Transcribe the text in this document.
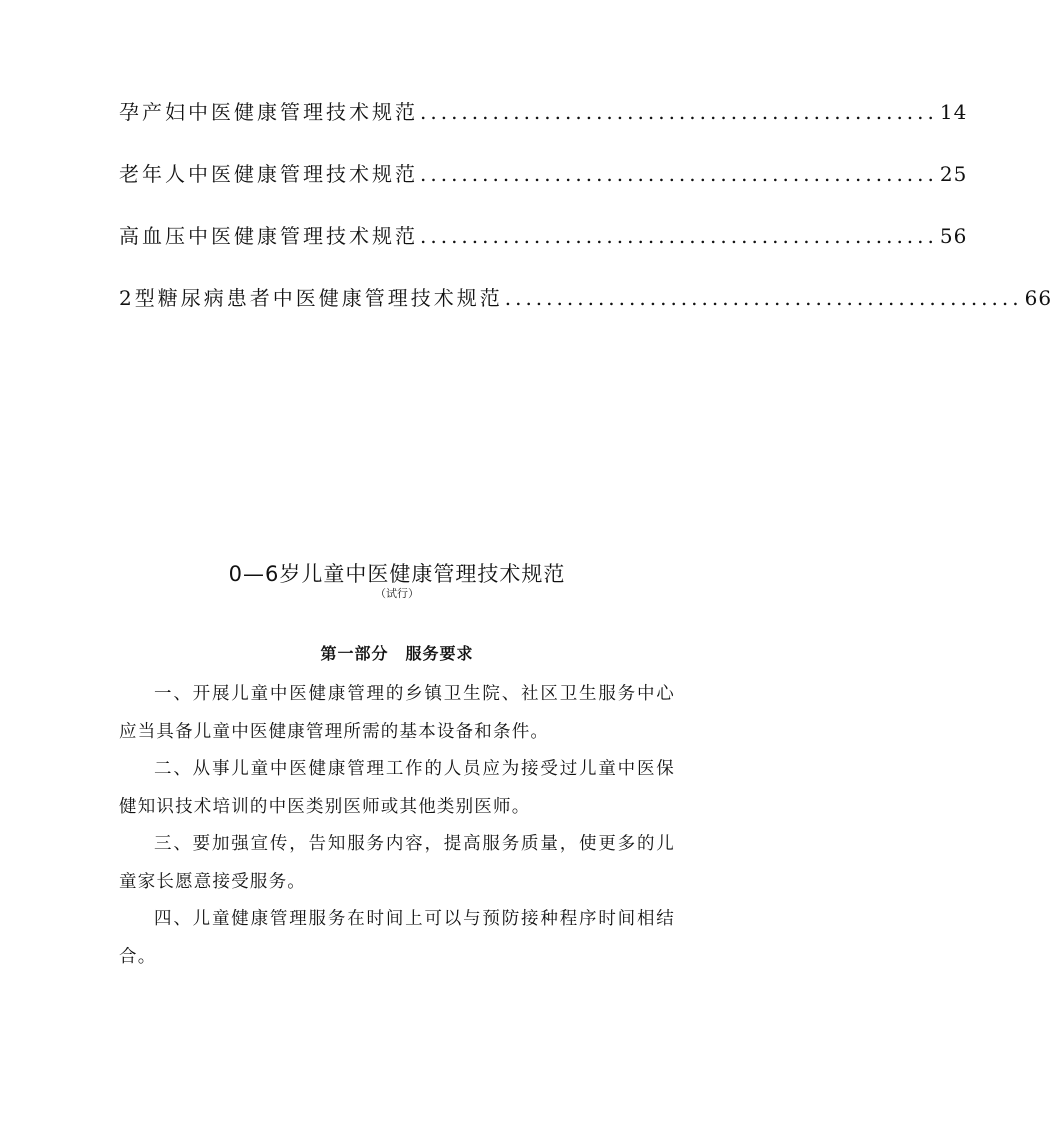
孕产妇中医健康管理技术规范 .................................................. 14
老年人中医健康管理技术规范 .................................................. 25
高血压中医健康管理技术规范 .................................................. 56
2型糖尿病患者中医健康管理技术规范 .................................................. 66
0—6岁儿童中医健康管理技术规范
（试行）
第一部分　服务要求

一、开展儿童中医健康管理的乡镇卫生院、社区卫生服务中心应当具备儿童中医健康管理所需的基本设备和条件。

二、从事儿童中医健康管理工作的人员应为接受过儿童中医保健知识技术培训的中医类别医师或其他类别医师。

三、要加强宣传，告知服务内容，提高服务质量，使更多的儿童家长愿意接受服务。

四、儿童健康管理服务在时间上可以与预防接种程序时间相结合。
